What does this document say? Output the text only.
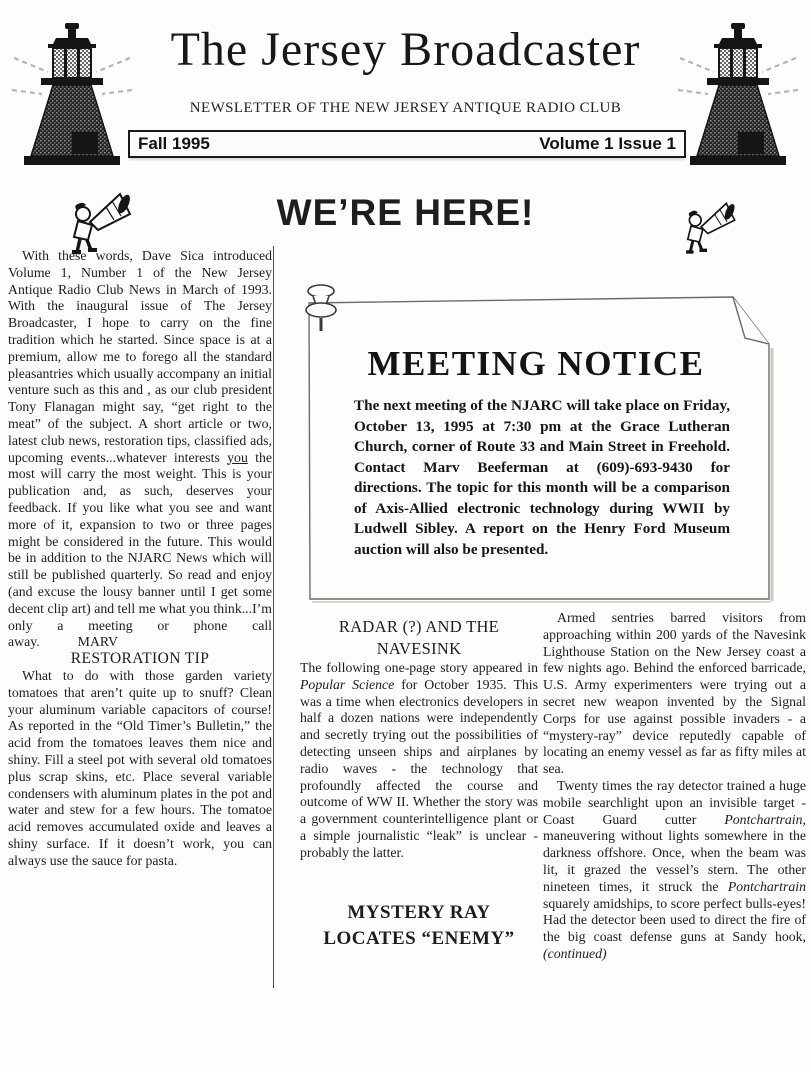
The Jersey Broadcaster
NEWSLETTER OF THE NEW JERSEY ANTIQUE RADIO CLUB
Fall 1995	Volume 1 Issue 1
WE’RE HERE!

With these words, Dave Sica introduced Volume 1, Number 1 of the New Jersey Antique Radio Club News in March of 1993. With the inaugural issue of The Jersey Broadcaster, I hope to carry on the fine tradition which he started. Since space is at a premium, allow me to forego all the standard pleasantries which usually accompany an initial venture such as this and , as our club president Tony Flanagan might say, “get right to the meat” of the subject. A short article or two, latest club news, restoration tips, classified ads, upcoming events...whatever interests you the most will carry the most weight. This is your publication and, as such, deserves your feedback. If you like what you see and want more of it, expansion to two or three pages might be considered in the future. This would be in addition to the NJARC News which will still be published quarterly. So read and enjoy (and excuse the lousy banner until I get some decent clip art) and tell me what you think...I’m only a meeting or phone call away.	MARV

RESTORATION TIP

What to do with those garden variety tomatoes that aren’t quite up to snuff? Clean your aluminum variable capacitors of course! As reported in the “Old Timer’s Bulletin,” the acid from the tomatoes leaves them nice and shiny. Fill a steel pot with several old tomatoes plus scrap skins, etc. Place several variable condensers with aluminum plates in the pot and water and stew for a few hours. The tomatoe acid removes accumulated oxide and leaves a shiny surface. If it doesn’t work, you can always use the sauce for pasta.

MEETING NOTICE
The next meeting of the NJARC will take place on Friday, October 13, 1995 at 7:30 pm at the Grace Lutheran Church, corner of Route 33 and Main Street in Freehold. Contact Marv Beeferman at (609)-693-9430 for directions. The topic for this month will be a comparison of Axis-Allied electronic technology during WWII by Ludwell Sibley. A report on the Henry Ford Museum auction will also be presented.
RADAR (?) AND THE
NAVESINK

The following one-page story appeared in Popular Science for October 1935. This was a time when electronics developers in half a dozen nations were independently and secretly trying out the possibilities of detecting unseen ships and airplanes by radio waves - the technology that profoundly affected the course and outcome of WW II. Whether the story was a government counterintelligence plant or a simple journalistic “leak” is unclear - probably the latter.

MYSTERY RAY
LOCATES “ENEMY”

Armed sentries barred visitors from approaching within 200 yards of the Navesink Lighthouse Station on the New Jersey coast a few nights ago. Behind the enforced barricade, U.S. Army experimenters were trying out a secret new weapon invented by the Signal Corps for use against possible invaders - a “mystery-ray” device reputedly capable of locating an enemy vessel as far as fifty miles at sea.

Twenty times the ray detector trained a huge mobile searchlight upon an invisible target - Coast Guard cutter Pontchartrain, maneuvering without lights somewhere in the darkness offshore. Once, when the beam was lit, it grazed the vessel’s stern. The other nineteen times, it struck the Pontchartrain squarely amidships, to score perfect bulls-eyes! Had the detector been used to direct the fire of the big coast defense guns at Sandy hook, (continued)
